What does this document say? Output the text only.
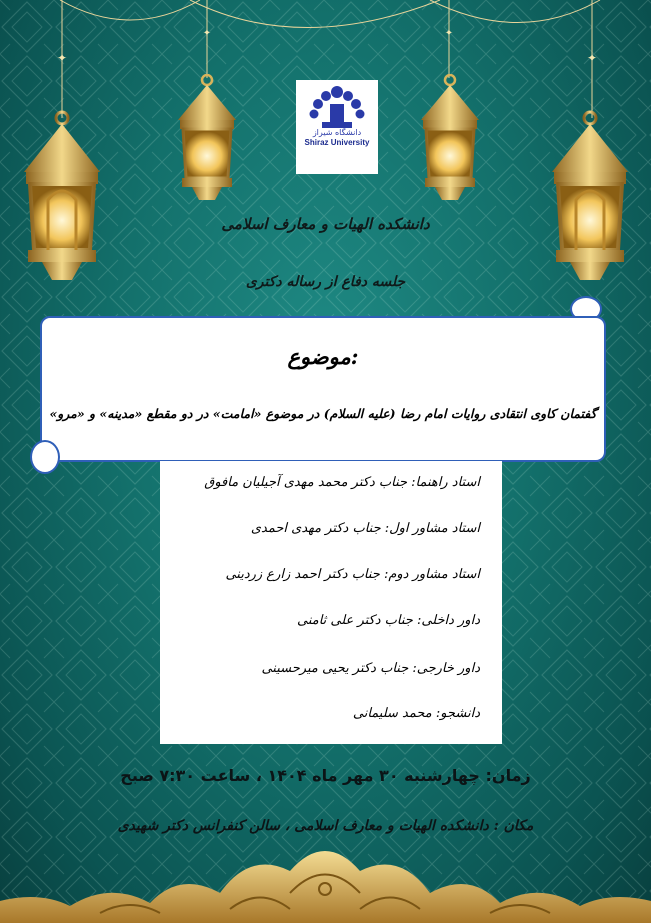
✦	✦
✦	✦
دانشگاه شیراز
Shiraz University
دانشکده الهیات و معارف اسلامی
جلسه دفاع از رساله دکتری
موضوع:
گفتمان کاوی انتقادی روایات امام رضا (علیه السلام) در موضوع «امامت» در دو مقطع «مدینه» و «مرو»
استاد راهنما: جناب دکتر محمد مهدی آجیلیان مافوق
استاد مشاور اول: جناب دکتر مهدی احمدی
استاد مشاور دوم: جناب دکتر احمد زارع زردینی
داور داخلی: جناب دکتر علی ثامنی
داور خارجی: جناب دکتر یحیی میرحسینی
دانشجو: محمد سلیمانی
زمان: چهارشنبه ۳۰ مهر ماه ۱۴۰۴ ، ساعت ۷:۳۰ صبح
مکان : دانشکده الهیات و معارف اسلامی ، سالن کنفرانس دکتر شهیدی
